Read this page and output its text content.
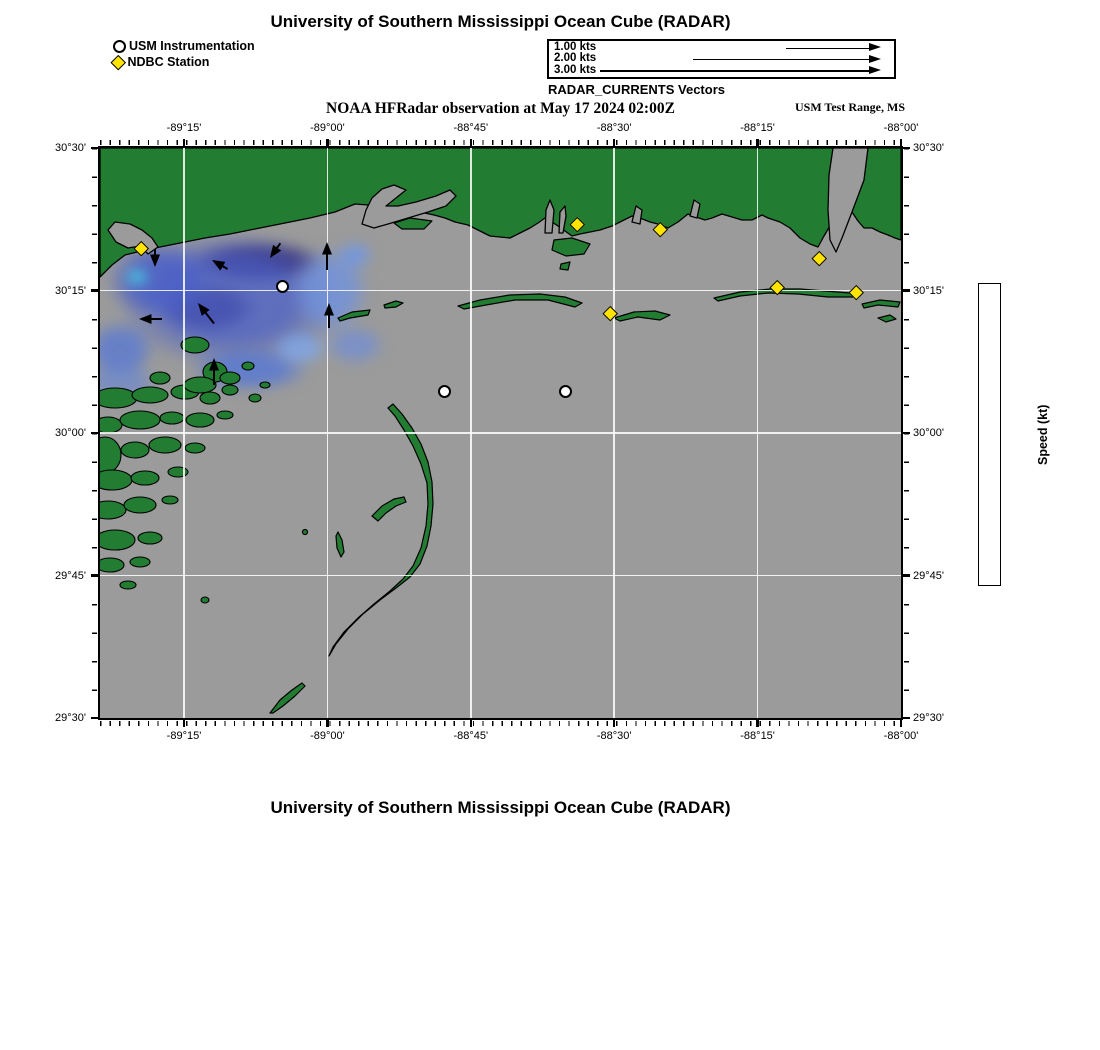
University of Southern Mississippi Ocean Cube (RADAR)
USM Instrumentation
NDBC Station
1.00 kts
2.00 kts
3.00 kts
RADAR_CURRENTS Vectors
NOAA HFRadar observation at May 17 2024 02:00Z	USM Test Range, MS
-89°15'
-89°15'
-89°00'
-89°00'
-88°45'
-88°45'
-88°30'
-88°30'
-88°15'
-88°15'
-88°00'
-88°00'
30°30'	30°30'
30°15'	30°15'
30°00'	30°00'
29°45'	29°45'
29°30'	29°30'
Speed (kt)
University of Southern Mississippi Ocean Cube (RADAR)
